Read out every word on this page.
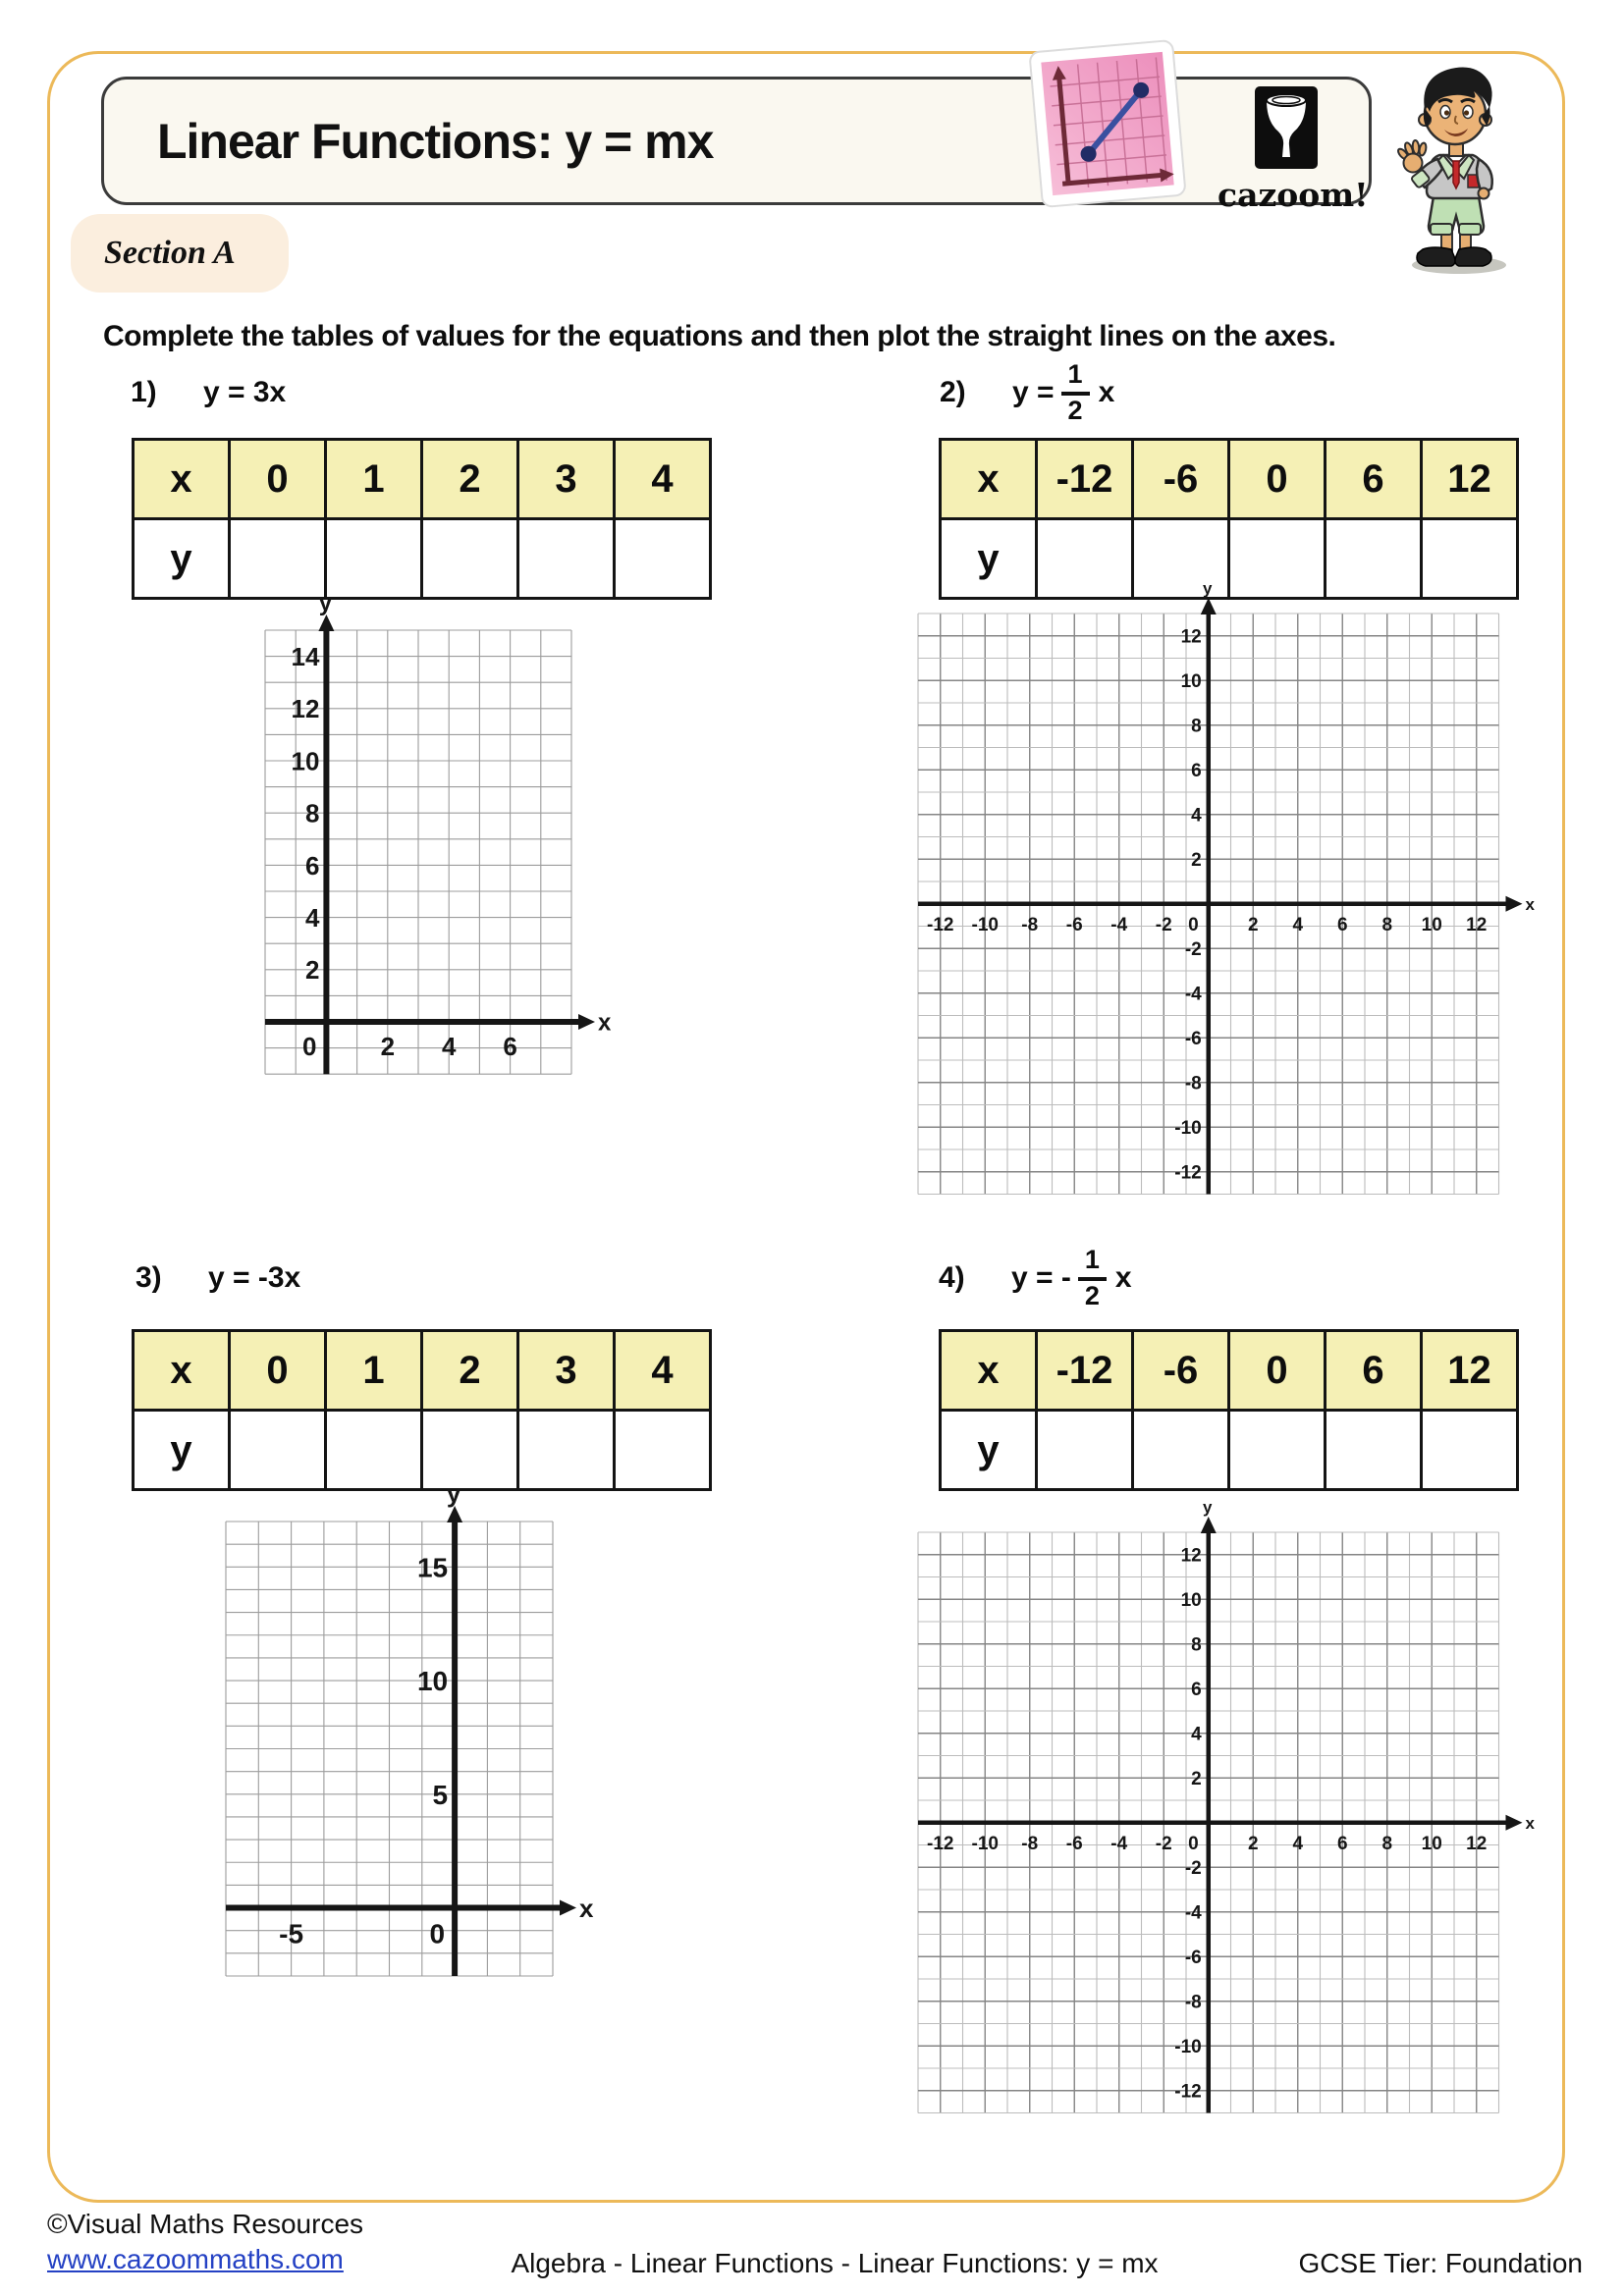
Linear Functions: y = mx
cazoom!
Section A
Complete the tables of values for the equations and then plot the straight lines on the axes.
1)	y = 3x	2)	$y = \frac{1}{2}$ x
3)	y = -3x	4)	y = - $\frac{1}{2}$ x
x	0	1	2	3	4
y					
x	-12	-6	0	6	12
y					
x	0	1	2	3	4
y					
x	-12	-6	0	6	12
y					
x
y
2
4
6
8
10
12
14
2 4 6
0
x
y
12
10
8
6
4
2
-2
-4
-6
-8
-10
-12
-12 -10 -8 -6 -4 -2	2 4 6 8 10 12
0
x
y
5
10
15
-5	0
x
y
12
10
8
6
4
2
-2
-4
-6
-8
-10
-12
-12 -10 -8 -6 -4 -2	2 4 6 8 10 12
0
©Visual Maths Resources
www.cazoommaths.com	Algebra - Linear Functions - Linear Functions: y = mx	GCSE Tier: Foundation
